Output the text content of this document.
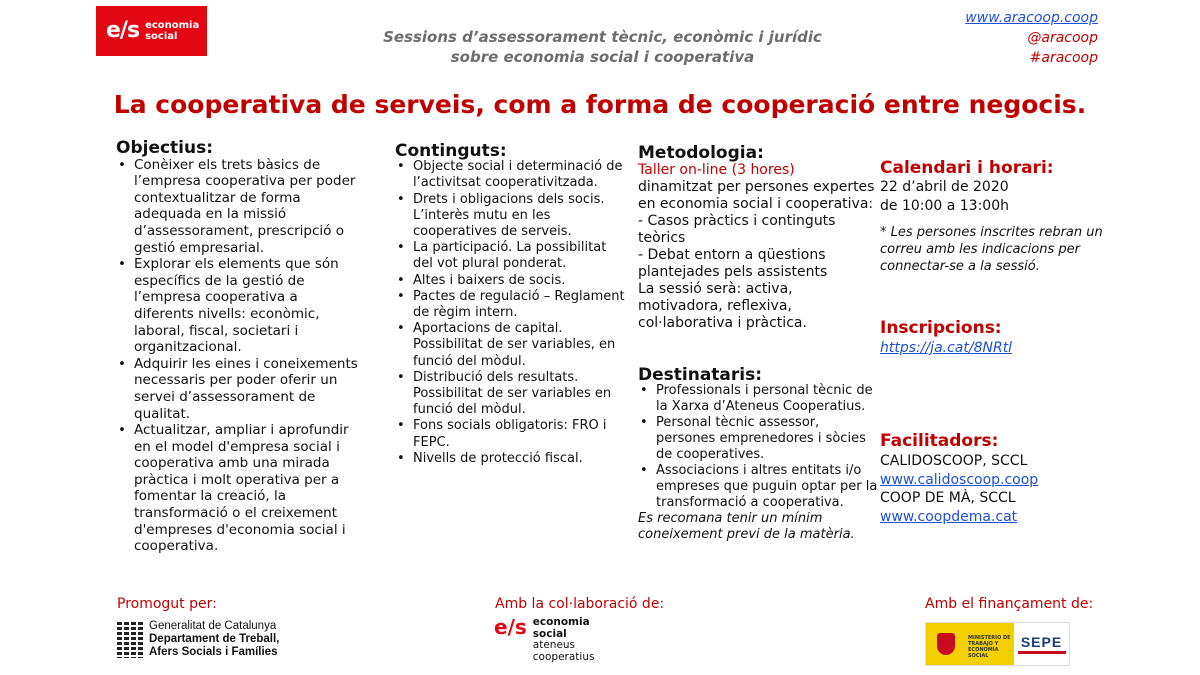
e/s economia
social	Sessions d’assessorament tècnic, econòmic i jurídic
sobre economia social i cooperativa
www.aracoop.coop
@aracoop
#aracoop
La cooperativa de serveis, com a forma de cooperació entre negocis.
Objectius:
• Conèixer els trets bàsics de l’empresa cooperativa per poder contextualitzar de forma adequada en la missió d’assessorament, prescripció o gestió empresarial.
• Explorar els elements que són específics de la gestió de l’empresa cooperativa a diferents nivells: econòmic, laboral, fiscal, societari i organitzacional.
• Adquirir les eines i coneixements necessaris per poder oferir un servei d’assessorament de qualitat.
• Actualitzar, ampliar i aprofundir en el model d'empresa social i cooperativa amb una mirada pràctica i molt operativa per a fomentar la creació, la transformació o el creixement d'empreses d'economia social i cooperativa.
Continguts:
• Objecte social i determinació de l’activitsat cooperativitzada.
• Drets i obligacions dels socis. L’interès mutu en les cooperatives de serveis.
• La participació. La possibilitat del vot plural ponderat.
• Altes i baixers de socis.
• Pactes de regulació – Reglament de règim intern.
• Aportacions de capital. Possibilitat de ser variables, en funció del mòdul.
• Distribució dels resultats. Possibilitat de ser variables en funció del mòdul.
• Fons socials obligatoris: FRO i FEPC.
• Nivells de protecció fiscal.
Metodologia:

Taller on-line (3 hores)

dinamitzat per persones expertes en economia social i cooperativa:

- Casos pràctics i continguts teòrics

- Debat entorn a qüestions plantejades pels assistents

La sessió serà: activa, motivadora, reflexiva, col·laborativa i pràctica.

Destinataris:
• Professionals i personal tècnic de la Xarxa d’Ateneus Cooperatius.
• Personal tècnic assessor, persones emprenedores i sòcies de cooperatives.
• Associacions i altres entitats i/o empreses que puguin optar per la transformació a cooperativa.
Es recomana tenir un mínim coneixement previ de la matèria.
Calendari i horari:
22 d’abril de 2020
de 10:00 a 13:00h
* Les persones inscrites rebran un correu amb les indicacions per connectar-se a la sessió.
Inscripcions:
https://ja.cat/8NRtl
Facilitadors:
CALIDOSCOOP, SCCL
www.calidoscoop.coop
COOP DE MÀ, SCCL
www.coopdema.cat
Promogut per:	Amb la col·laboració de:	Amb el finançament de:
Generalitat de Catalunya
Departament de Treball,
Afers Socials i Famílies
e/s economia
social
ateneus
cooperatius
MINISTERIO DE TRABAJO Y ECONOMÍA SOCIAL
SEPE
